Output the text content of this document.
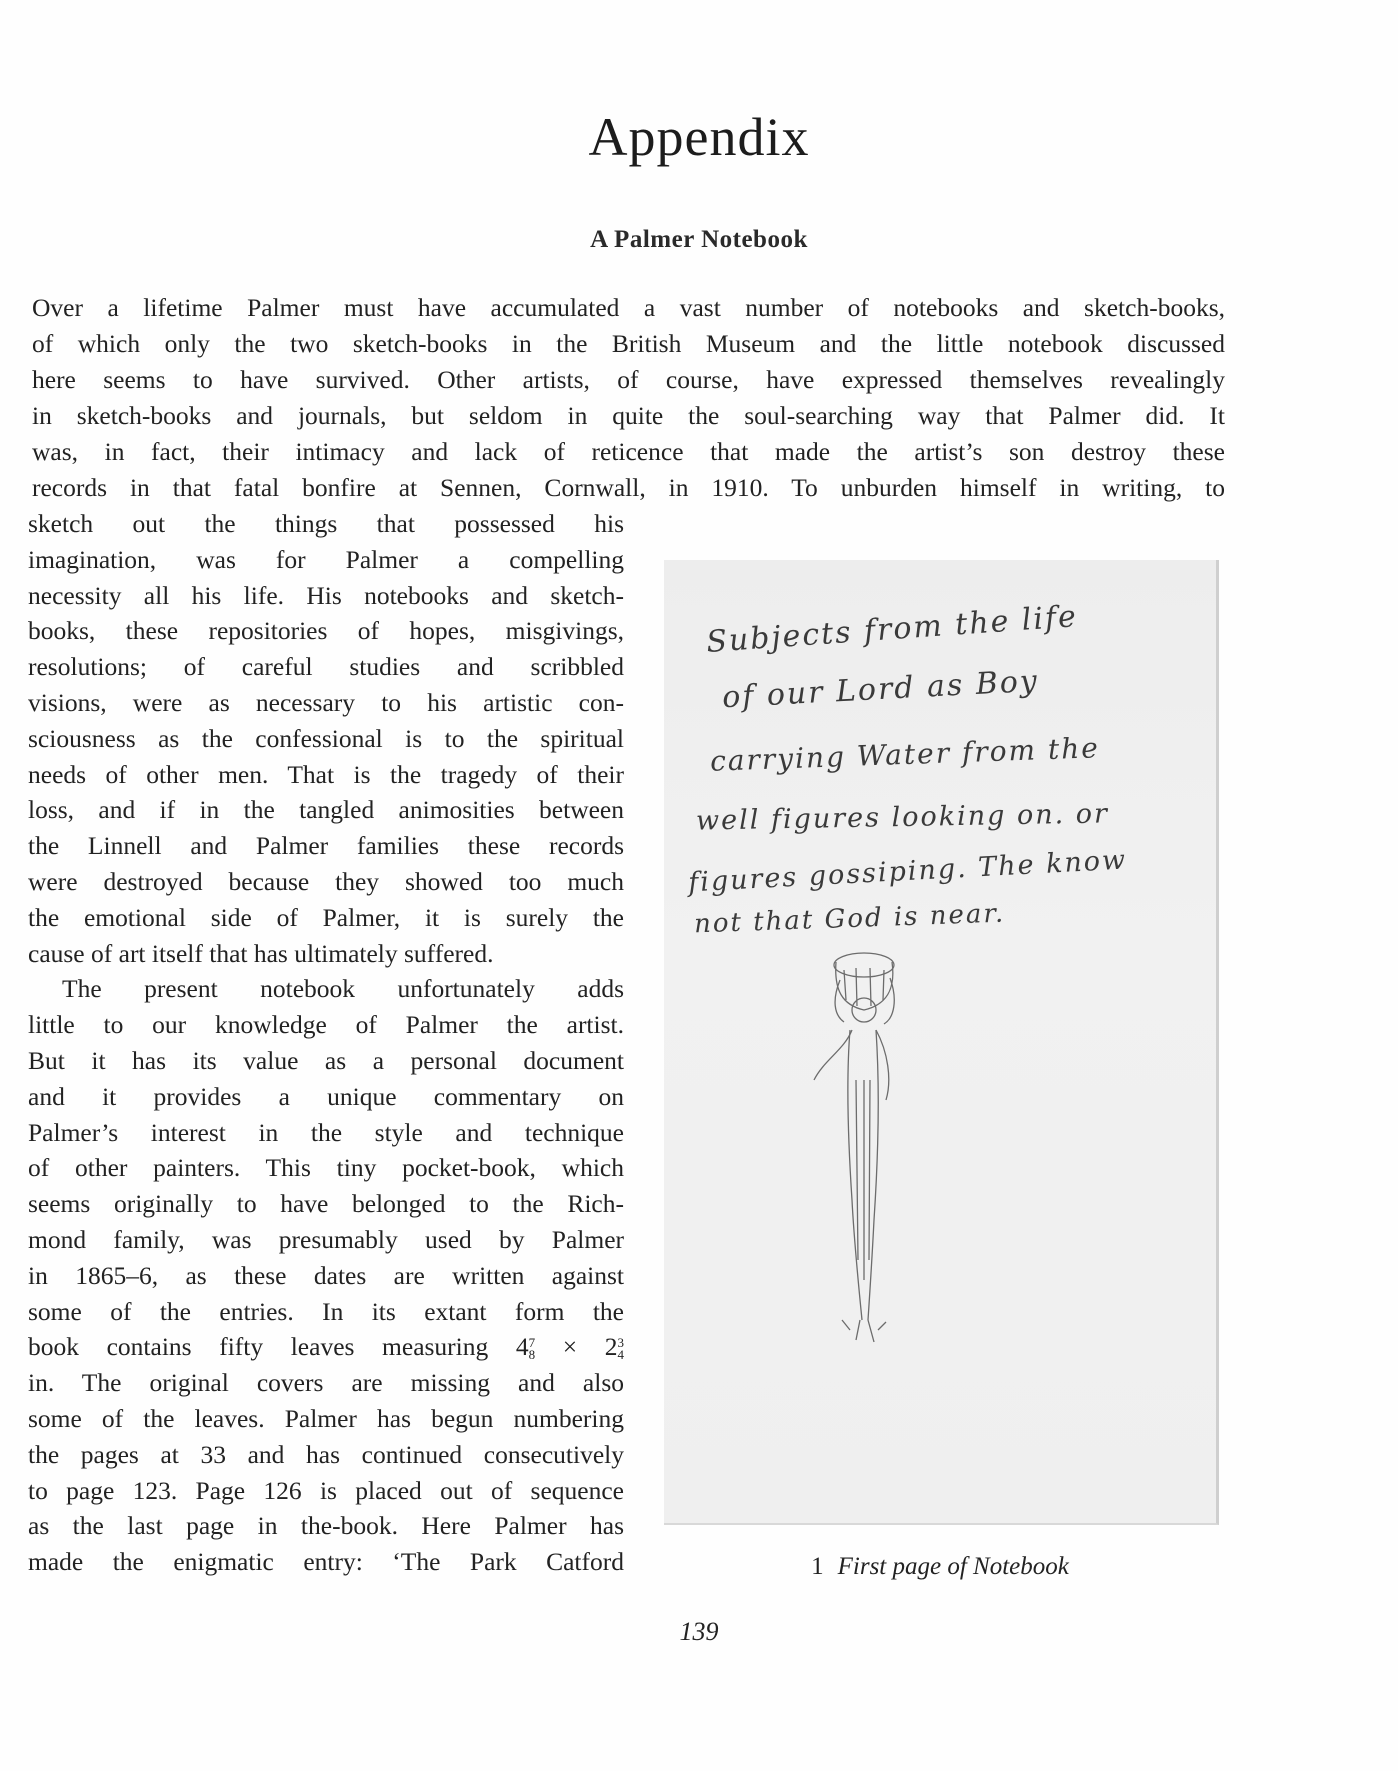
Appendix
A Palmer Notebook
Over a lifetime Palmer must have accumulated a vast number of notebooks and sketch-books,
of which only the two sketch-books in the British Museum and the little notebook discussed
here seems to have survived. Other artists, of course, have expressed themselves revealingly
in sketch-books and journals, but seldom in quite the soul-searching way that Palmer did. It
was, in fact, their intimacy and lack of reticence that made the artist’s son destroy these
records in that fatal bonfire at Sennen, Cornwall, in 1910. To unburden himself in writing, to
sketch out the things that possessed his
imagination, was for Palmer a compelling
necessity all his life. His notebooks and sketch-
books, these repositories of hopes, misgivings,
resolutions; of careful studies and scribbled
visions, were as necessary to his artistic con-
sciousness as the confessional is to the spiritual
needs of other men. That is the tragedy of their
loss, and if in the tangled animosities between
the Linnell and Palmer families these records
were destroyed because they showed too much
the emotional side of Palmer, it is surely the
cause of art itself that has ultimately suffered.
The present notebook unfortunately adds
little to our knowledge of Palmer the artist.
But it has its value as a personal document
and it provides a unique commentary on
Palmer’s interest in the style and technique
of other painters. This tiny pocket-book, which
seems originally to have belonged to the Rich-
mond family, was presumably used by Palmer
in 1865–6, as these dates are written against
some of the entries. In its extant form the
book contains fifty leaves measuring 4 7
8 × 2 3
4
in. The original covers are missing and also
some of the leaves. Palmer has begun numbering
the pages at 33 and has continued consecutively
to page 123. Page 126 is placed out of sequence
as the last page in the-book. Here Palmer has
made the enigmatic entry: ‘The Park Catford
Subjects from the life
of our Lord as Boy
carrying Water from the
well figures looking on. or
figures gossiping. The know
not that God is near.
1 First page of Notebook
139
